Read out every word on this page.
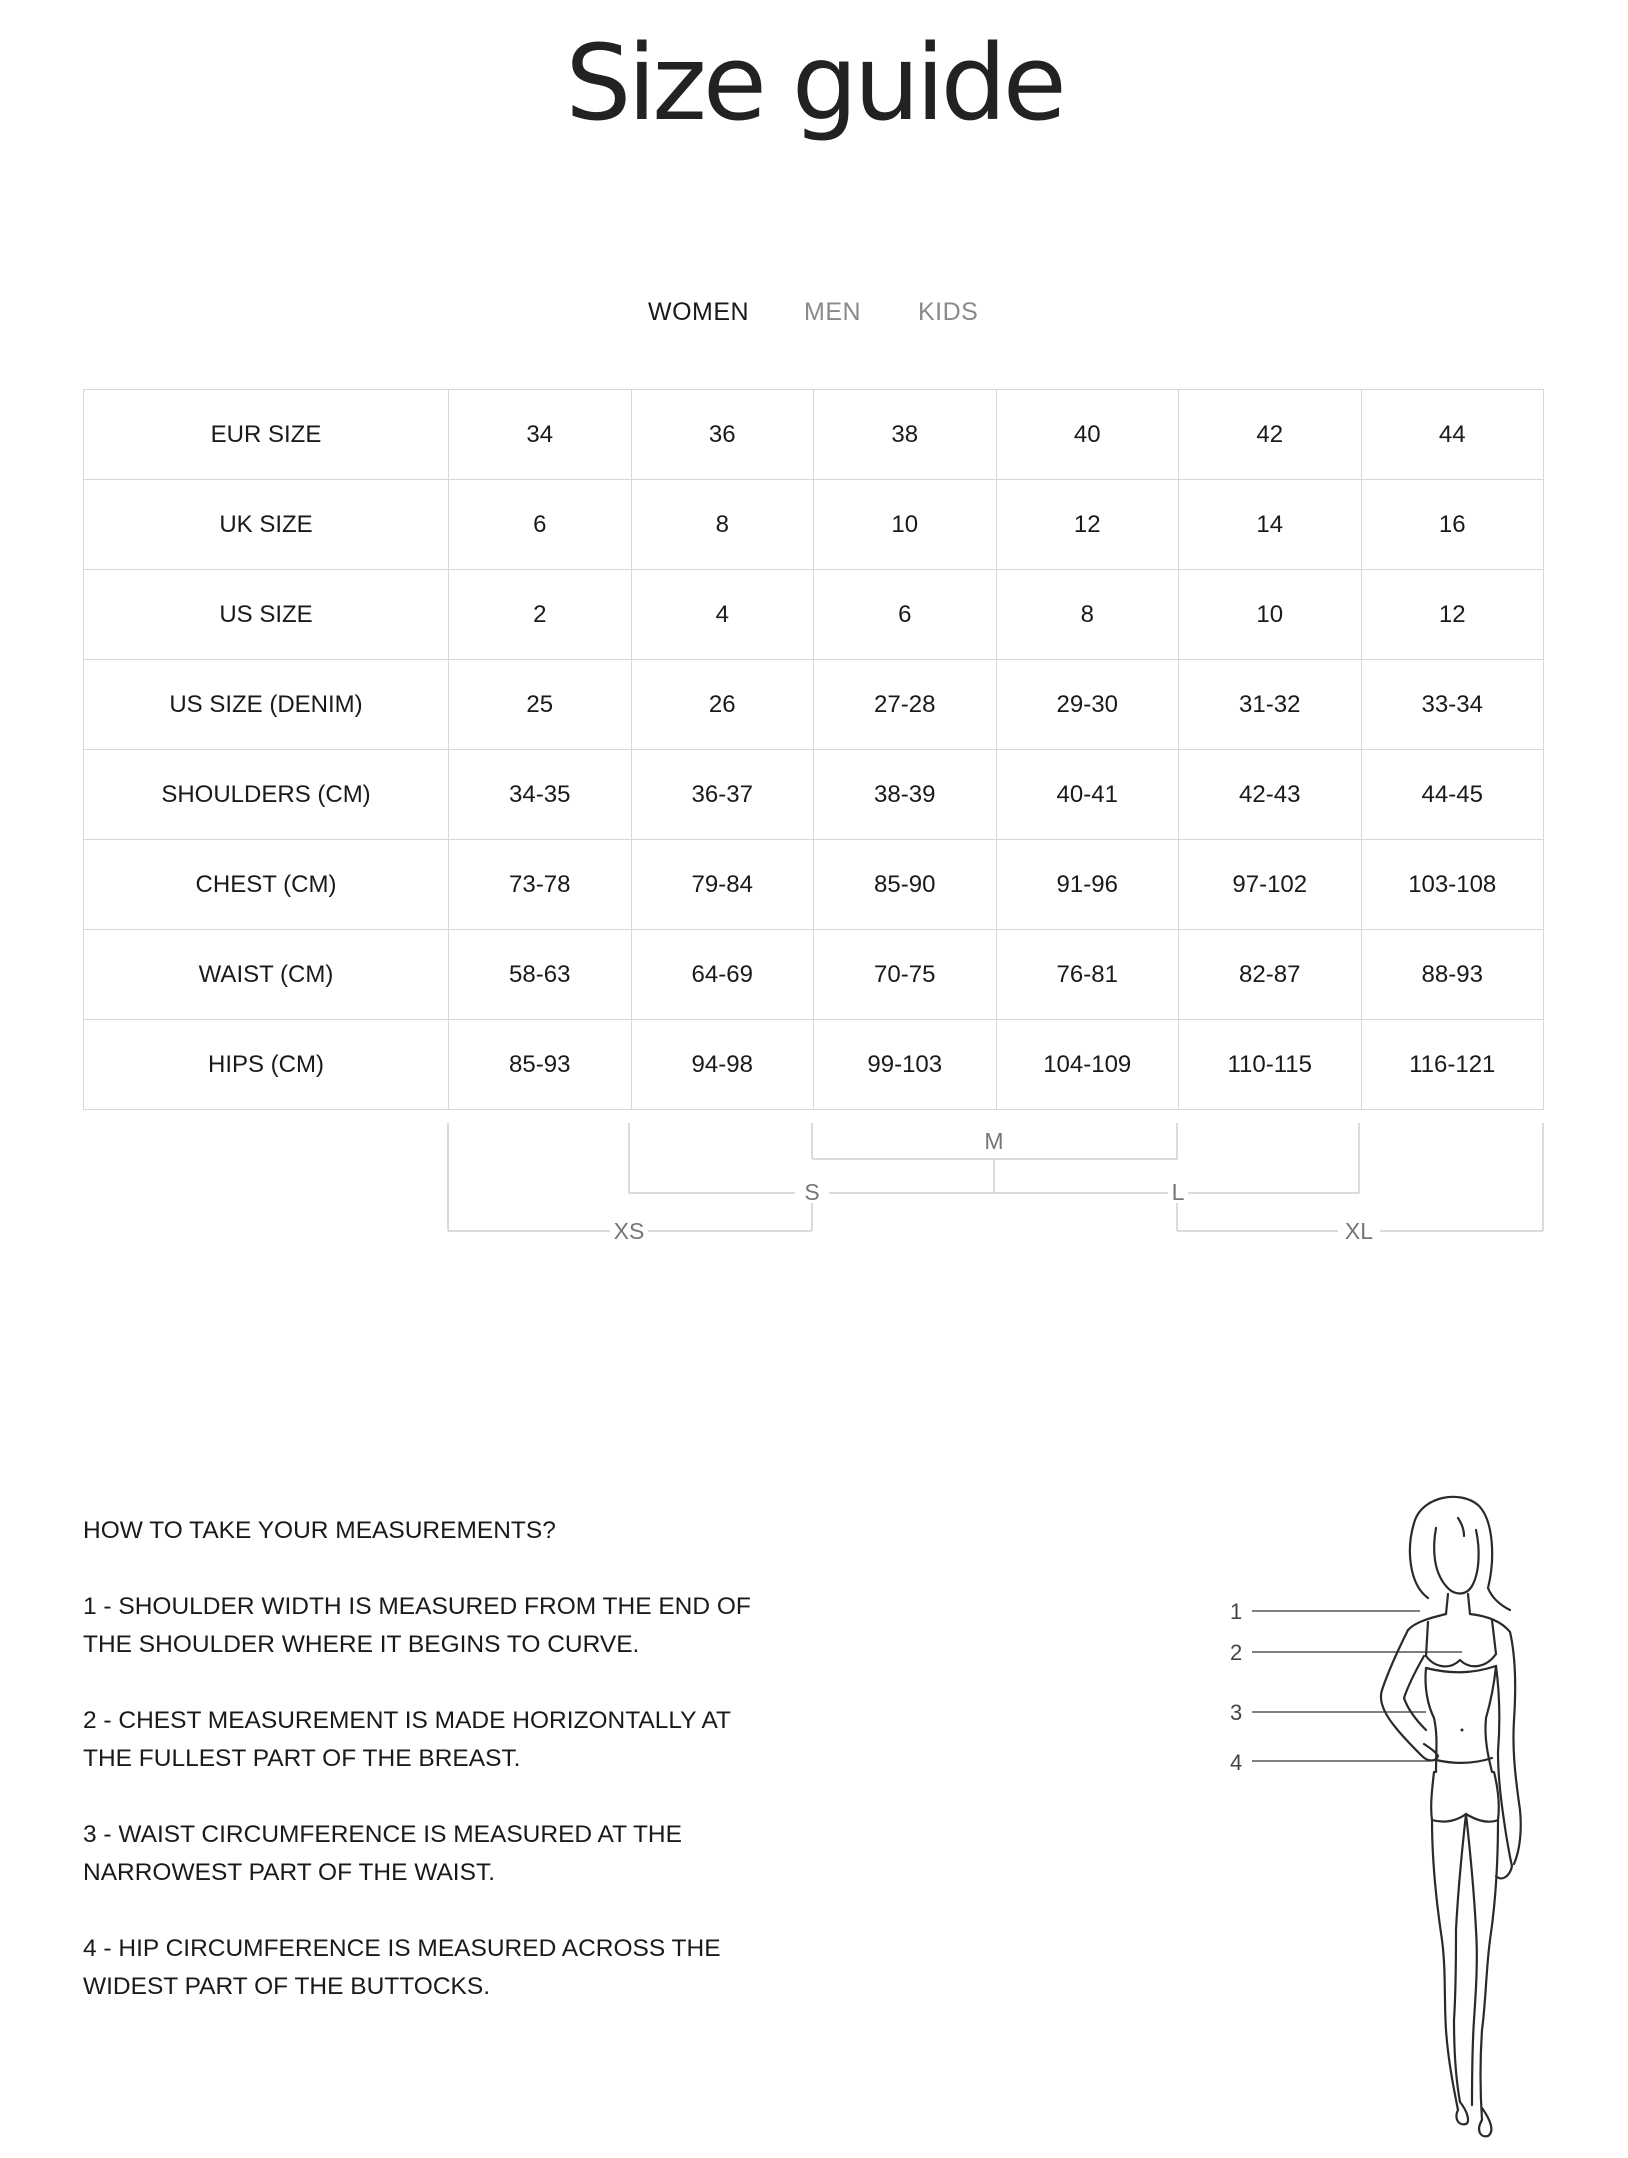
Size guide
WOMEN MEN KIDS
EUR SIZE	34	36	38	40	42	44
UK SIZE	6	8	10	12	14	16
US SIZE	2	4	6	8	10	12
US SIZE (DENIM)	25	26	27-28	29-30	31-32	33-34
SHOULDERS (CM)	34-35	36-37	38-39	40-41	42-43	44-45
CHEST (CM)	73-78	79-84	85-90	91-96	97-102	103-108
WAIST (CM)	58-63	64-69	70-75	76-81	82-87	88-93
HIPS (CM)	85-93	94-98	99-103	104-109	110-115	116-121
M
S	L
XS	XL

HOW TO TAKE YOUR MEASUREMENTS?

1 - SHOULDER WIDTH IS MEASURED FROM THE END OF
THE SHOULDER WHERE IT BEGINS TO CURVE.

2 - CHEST MEASUREMENT IS MADE HORIZONTALLY AT
THE FULLEST PART OF THE BREAST.

3 - WAIST CIRCUMFERENCE IS MEASURED AT THE
NARROWEST PART OF THE WAIST.

4 - HIP CIRCUMFERENCE IS MEASURED ACROSS THE
WIDEST PART OF THE BUTTOCKS.

1
2
3
4
